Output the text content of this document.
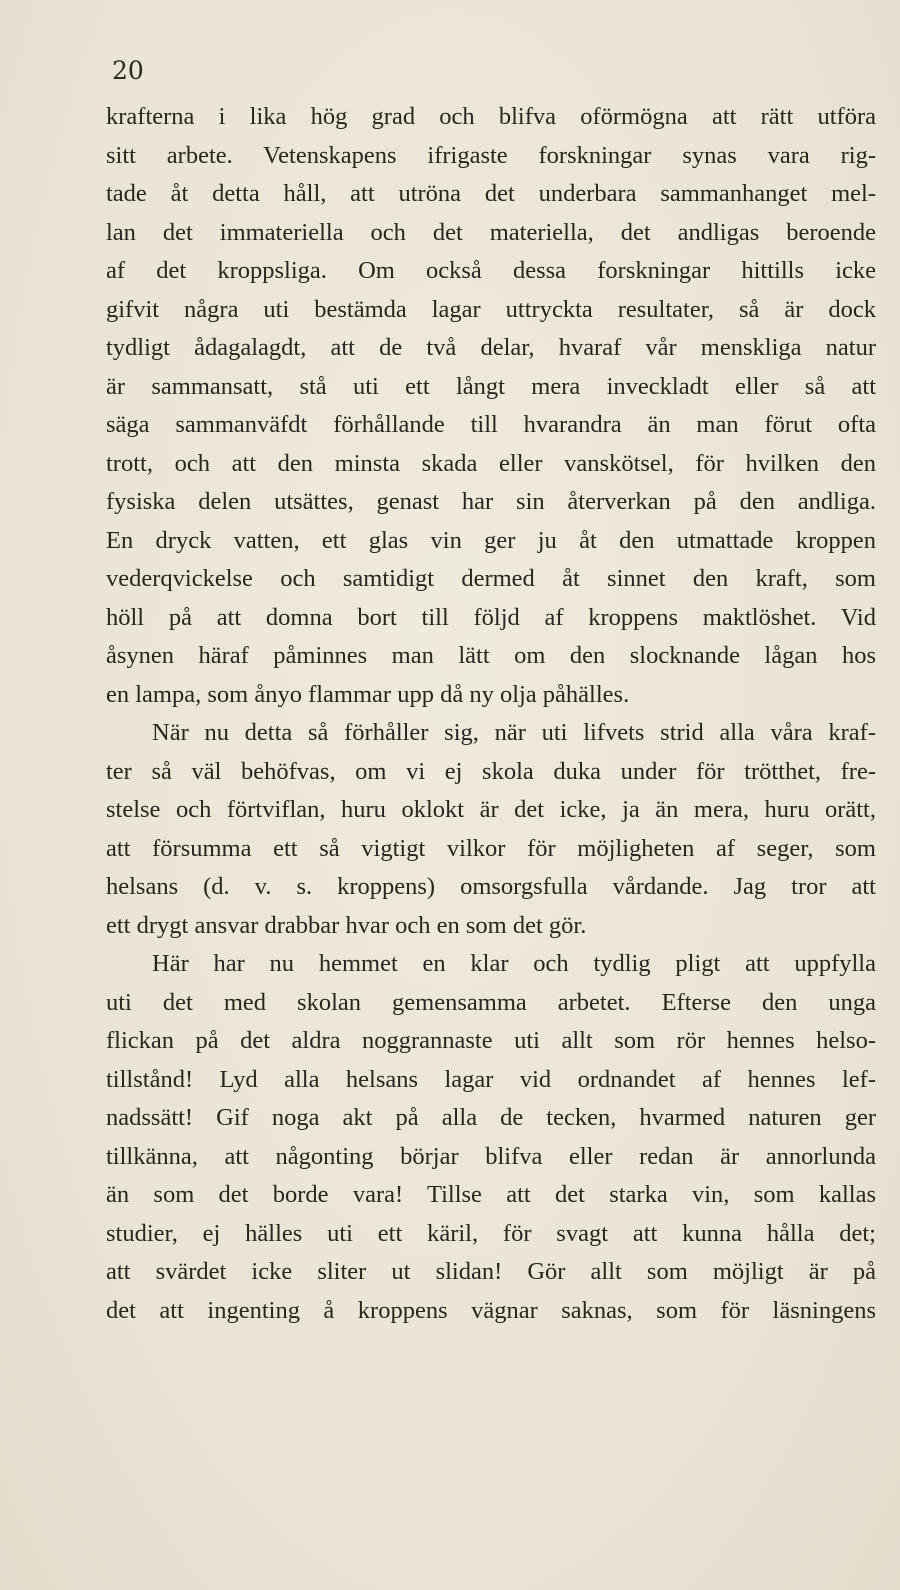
20
krafterna i lika hög grad och blifva oförmögna att rätt utföra
sitt arbete. Vetenskapens ifrigaste forskningar synas vara rig-
tade åt detta håll, att utröna det underbara sammanhanget mel-
lan det immateriella och det materiella, det andligas beroende
af det kroppsliga. Om också dessa forskningar hittills icke
gifvit några uti bestämda lagar uttryckta resultater, så är dock
tydligt ådagalagdt, att de två delar, hvaraf vår menskliga natur
är sammansatt, stå uti ett långt mera inveckladt eller så att
säga sammanväfdt förhållande till hvarandra än man förut ofta
trott, och att den minsta skada eller vanskötsel, för hvilken den
fysiska delen utsättes, genast har sin återverkan på den andliga.
En dryck vatten, ett glas vin ger ju åt den utmattade kroppen
vederqvickelse och samtidigt dermed åt sinnet den kraft, som
höll på att domna bort till följd af kroppens maktlöshet. Vid
åsynen häraf påminnes man lätt om den slocknande lågan hos
en lampa, som ånyo flammar upp då ny olja påhälles.
När nu detta så förhåller sig, när uti lifvets strid alla våra kraf-
ter så väl behöfvas, om vi ej skola duka under för trötthet, fre-
stelse och förtviflan, huru oklokt är det icke, ja än mera, huru orätt,
att försumma ett så vigtigt vilkor för möjligheten af seger, som
helsans (d. v. s. kroppens) omsorgsfulla vårdande. Jag tror att
ett drygt ansvar drabbar hvar och en som det gör.
Här har nu hemmet en klar och tydlig pligt att uppfylla
uti det med skolan gemensamma arbetet. Efterse den unga
flickan på det aldra noggrannaste uti allt som rör hennes helso-
tillstånd! Lyd alla helsans lagar vid ordnandet af hennes lef-
nadssätt! Gif noga akt på alla de tecken, hvarmed naturen ger
tillkänna, att någonting börjar blifva eller redan är annorlunda
än som det borde vara! Tillse att det starka vin, som kallas
studier, ej hälles uti ett käril, för svagt att kunna hålla det;
att svärdet icke sliter ut slidan! Gör allt som möjligt är på
det att ingenting å kroppens vägnar saknas, som för läsningens
